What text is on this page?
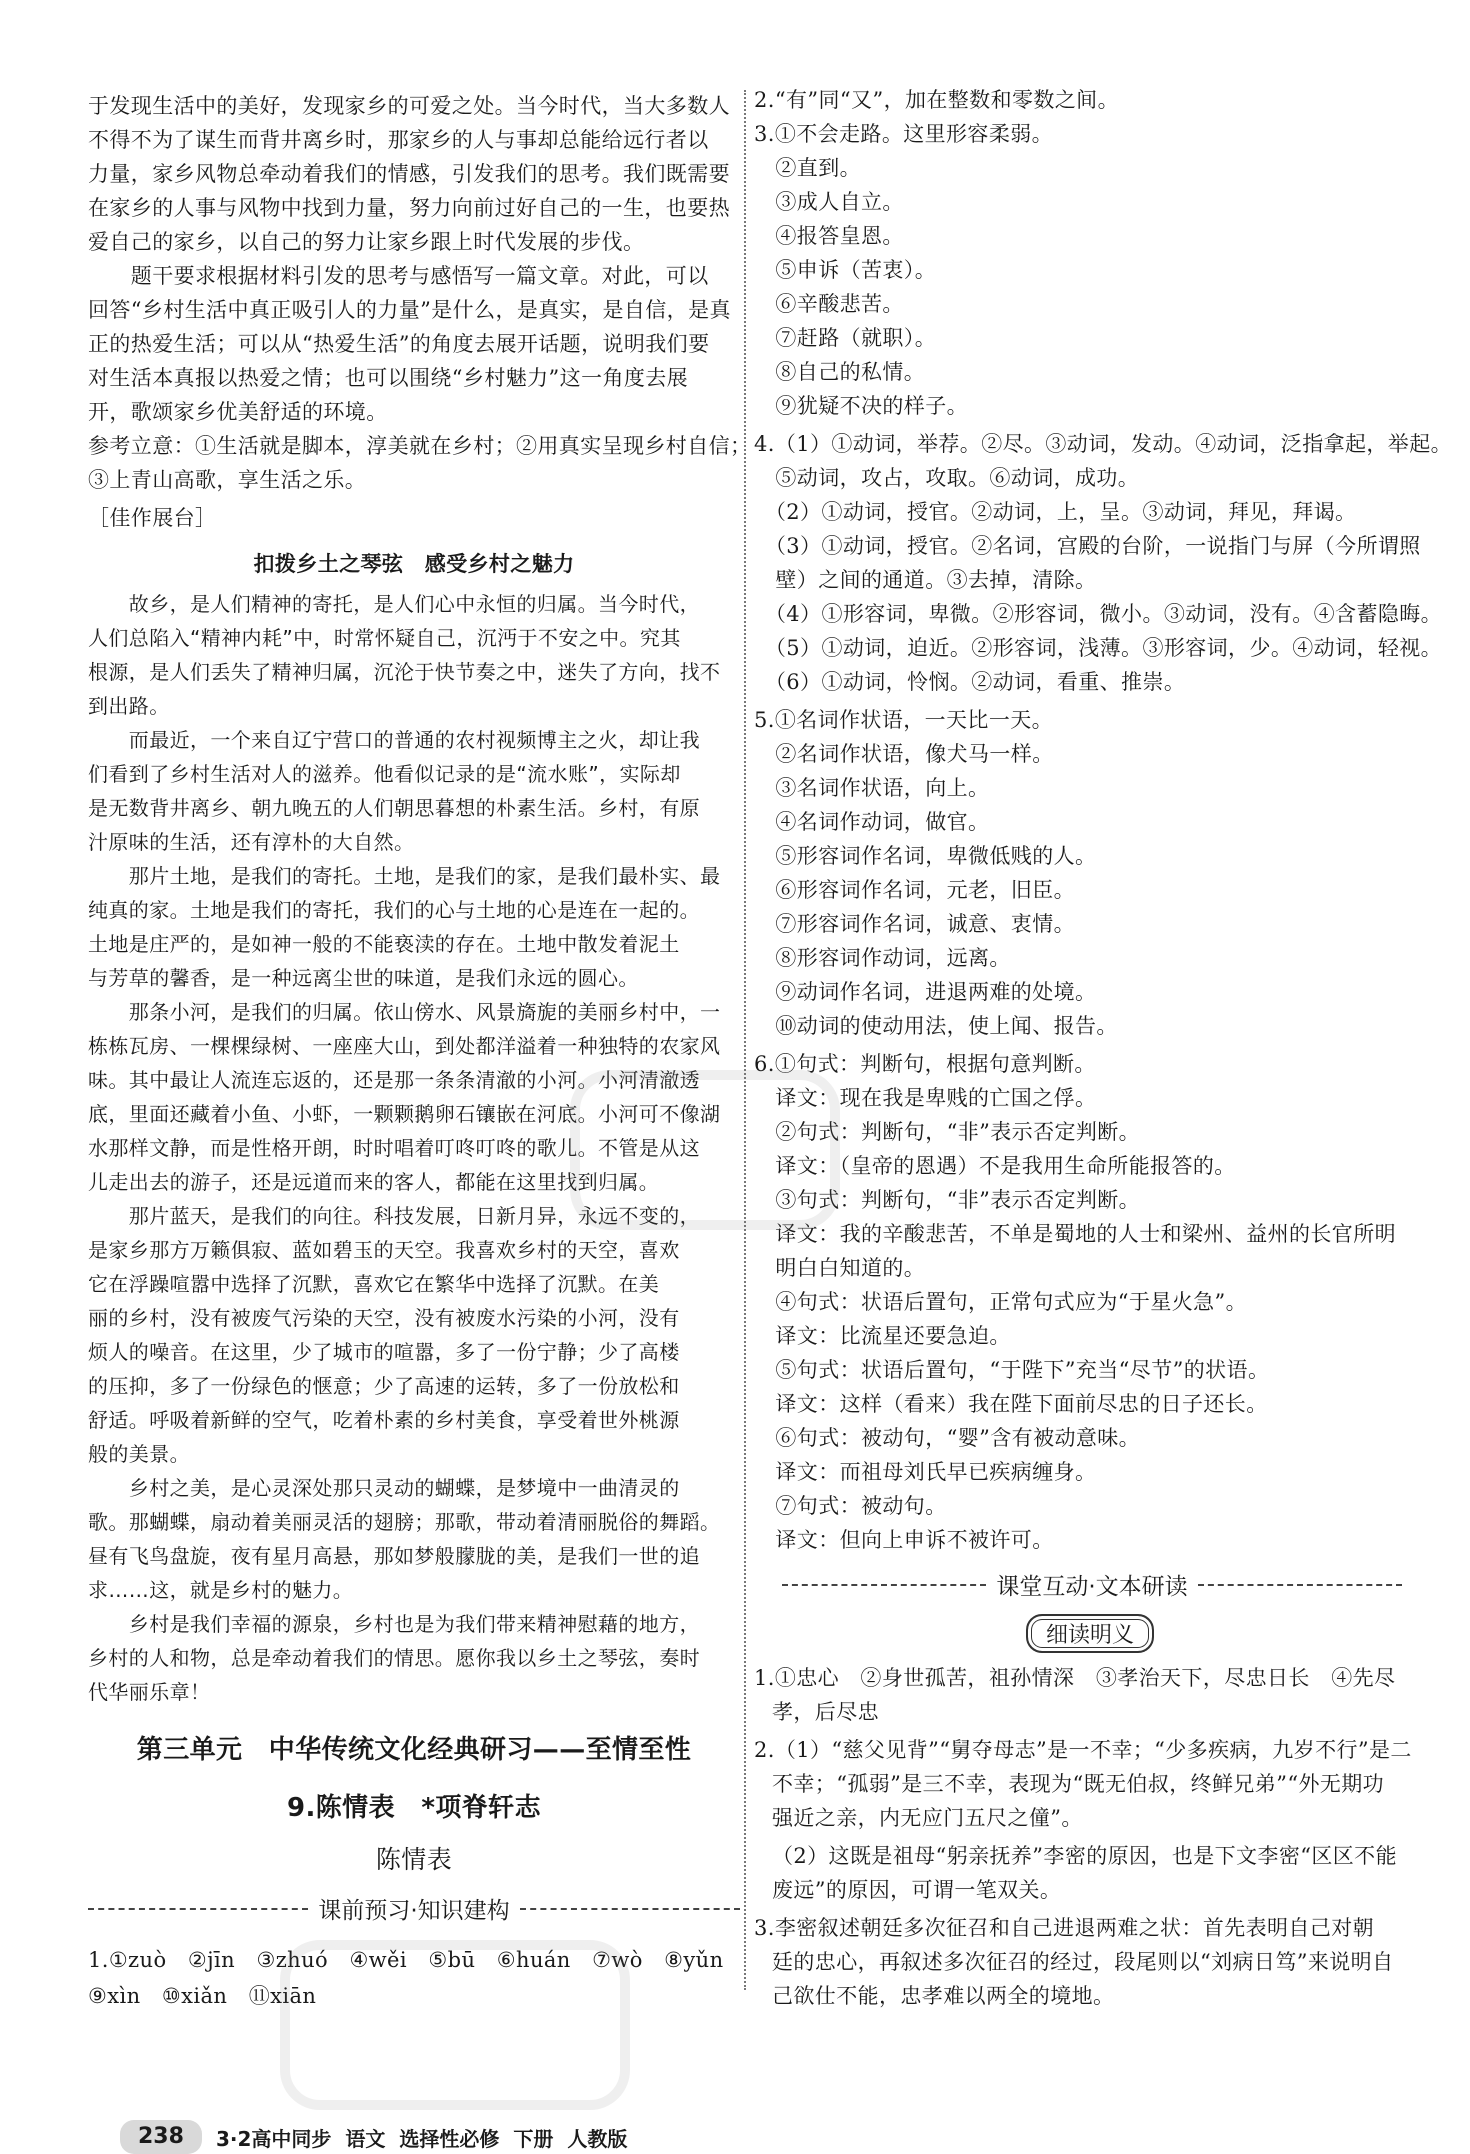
于发现生活中的美好，发现家乡的可爱之处。当今时代，当大多数人
不得不为了谋生而背井离乡时，那家乡的人与事却总能给远行者以
力量，家乡风物总牵动着我们的情感，引发我们的思考。我们既需要
在家乡的人事与风物中找到力量，努力向前过好自己的一生，也要热
爱自己的家乡，以自己的努力让家乡跟上时代发展的步伐。
　　题干要求根据材料引发的思考与感悟写一篇文章。对此，可以
回答“乡村生活中真正吸引人的力量”是什么，是真实，是自信，是真
正的热爱生活；可以从“热爱生活”的角度去展开话题，说明我们要
对生活本真报以热爱之情；也可以围绕“乡村魅力”这一角度去展
开，歌颂家乡优美舒适的环境。
参考立意：①生活就是脚本，淳美就在乡村；②用真实呈现乡村自信；
③上青山高歌，享生活之乐。
［佳作展台］
扣拨乡土之琴弦　感受乡村之魅力
　　故乡，是人们精神的寄托，是人们心中永恒的归属。当今时代，
人们总陷入“精神内耗”中，时常怀疑自己，沉沔于不安之中。究其
根源，是人们丢失了精神归属，沉沦于快节奏之中，迷失了方向，找不
到出路。
　　而最近，一个来自辽宁营口的普通的农村视频博主之火，却让我
们看到了乡村生活对人的滋养。他看似记录的是“流水账”，实际却
是无数背井离乡、朝九晚五的人们朝思暮想的朴素生活。乡村，有原
汁原味的生活，还有淳朴的大自然。
　　那片土地，是我们的寄托。土地，是我们的家，是我们最朴实、最
纯真的家。土地是我们的寄托，我们的心与土地的心是连在一起的。
土地是庄严的，是如神一般的不能亵渎的存在。土地中散发着泥土
与芳草的馨香，是一种远离尘世的味道，是我们永远的圆心。
　　那条小河，是我们的归属。依山傍水、风景旖旎的美丽乡村中，一
栋栋瓦房、一棵棵绿树、一座座大山，到处都洋溢着一种独特的农家风
味。其中最让人流连忘返的，还是那一条条清澈的小河。小河清澈透
底，里面还藏着小鱼、小虾，一颗颗鹅卵石镶嵌在河底。小河可不像湖
水那样文静，而是性格开朗，时时唱着叮咚叮咚的歌儿。不管是从这
儿走出去的游子，还是远道而来的客人，都能在这里找到归属。
　　那片蓝天，是我们的向往。科技发展，日新月异，永远不变的，
是家乡那方万籁俱寂、蓝如碧玉的天空。我喜欢乡村的天空，喜欢
它在浮躁喧嚣中选择了沉默，喜欢它在繁华中选择了沉默。在美
丽的乡村，没有被废气污染的天空，没有被废水污染的小河，没有
烦人的噪音。在这里，少了城市的喧嚣，多了一份宁静；少了高楼
的压抑，多了一份绿色的惬意；少了高速的运转，多了一份放松和
舒适。呼吸着新鲜的空气，吃着朴素的乡村美食，享受着世外桃源
般的美景。
　　乡村之美，是心灵深处那只灵动的蝴蝶，是梦境中一曲清灵的
歌。那蝴蝶，扇动着美丽灵活的翅膀；那歌，带动着清丽脱俗的舞蹈。
昼有飞鸟盘旋，夜有星月高悬，那如梦般朦胧的美，是我们一世的追
求……这，就是乡村的魅力。
　　乡村是我们幸福的源泉，乡村也是为我们带来精神慰藉的地方，
乡村的人和物，总是牵动着我们的情思。愿你我以乡土之琴弦，奏时
代华丽乐章！
第三单元　中华传统文化经典研习——至情至性
9.陈情表　*项脊轩志
陈情表
课前预习·知识建构
1.①zuò　②jīn　③zhuó　④wěi　⑤bū　⑥huán　⑦wò　⑧yǔn
⑨xìn　⑩xiǎn　⑪xiān
2.“有”同“又”，加在整数和零数之间。
3.①不会走路。这里形容柔弱。
　②直到。
　③成人自立。
　④报答皇恩。
　⑤申诉（苦衷）。
　⑥辛酸悲苦。
　⑦赶路（就职）。
　⑧自己的私情。
　⑨犹疑不决的样子。
4.（1）①动词，举荐。②尽。③动词，发动。④动词，泛指拿起，举起。
　⑤动词，攻占，攻取。⑥动词，成功。
　（2）①动词，授官。②动词，上，呈。③动词，拜见，拜谒。
　（3）①动词，授官。②名词，宫殿的台阶，一说指门与屏（今所谓照
　壁）之间的通道。③去掉，清除。
　（4）①形容词，卑微。②形容词，微小。③动词，没有。④含蓄隐晦。
　（5）①动词，迫近。②形容词，浅薄。③形容词，少。④动词，轻视。
　（6）①动词，怜悯。②动词，看重、推崇。
5.①名词作状语，一天比一天。
　②名词作状语，像犬马一样。
　③名词作状语，向上。
　④名词作动词，做官。
　⑤形容词作名词，卑微低贱的人。
　⑥形容词作名词，元老，旧臣。
　⑦形容词作名词，诚意、衷情。
　⑧形容词作动词，远离。
　⑨动词作名词，进退两难的处境。
　⑩动词的使动用法，使上闻、报告。
6.①句式：判断句，根据句意判断。
　译文：现在我是卑贱的亡国之俘。
　②句式：判断句，“非”表示否定判断。
　译文：（皇帝的恩遇）不是我用生命所能报答的。
　③句式：判断句，“非”表示否定判断。
　译文：我的辛酸悲苦，不单是蜀地的人士和梁州、益州的长官所明
　明白白知道的。
　④句式：状语后置句，正常句式应为“于星火急”。
　译文：比流星还要急迫。
　⑤句式：状语后置句，“于陛下”充当“尽节”的状语。
　译文：这样（看来）我在陛下面前尽忠的日子还长。
　⑥句式：被动句，“婴”含有被动意味。
　译文：而祖母刘氏早已疾病缠身。
　⑦句式：被动句。
　译文：但向上申诉不被许可。
课堂互动·文本研读
细读明义
1.①忠心　②身世孤苦，祖孙情深　③孝治天下，尽忠日长　④先尽
孝，后尽忠
2.（1）“慈父见背”“舅夺母志”是一不幸；“少多疾病，九岁不行”是二
不幸；“孤弱”是三不幸，表现为“既无伯叔，终鲜兄弟”“外无期功
强近之亲，内无应门五尺之僮”。
（2）这既是祖母“躬亲抚养”李密的原因，也是下文李密“区区不能
废远”的原因，可谓一笔双关。
3.李密叙述朝廷多次征召和自己进退两难之状：首先表明自己对朝
廷的忠心，再叙述多次征召的经过，段尾则以“刘病日笃”来说明自
己欲仕不能，忠孝难以两全的境地。
238	3·2高中同步 语文 选择性必修 下册 人教版
